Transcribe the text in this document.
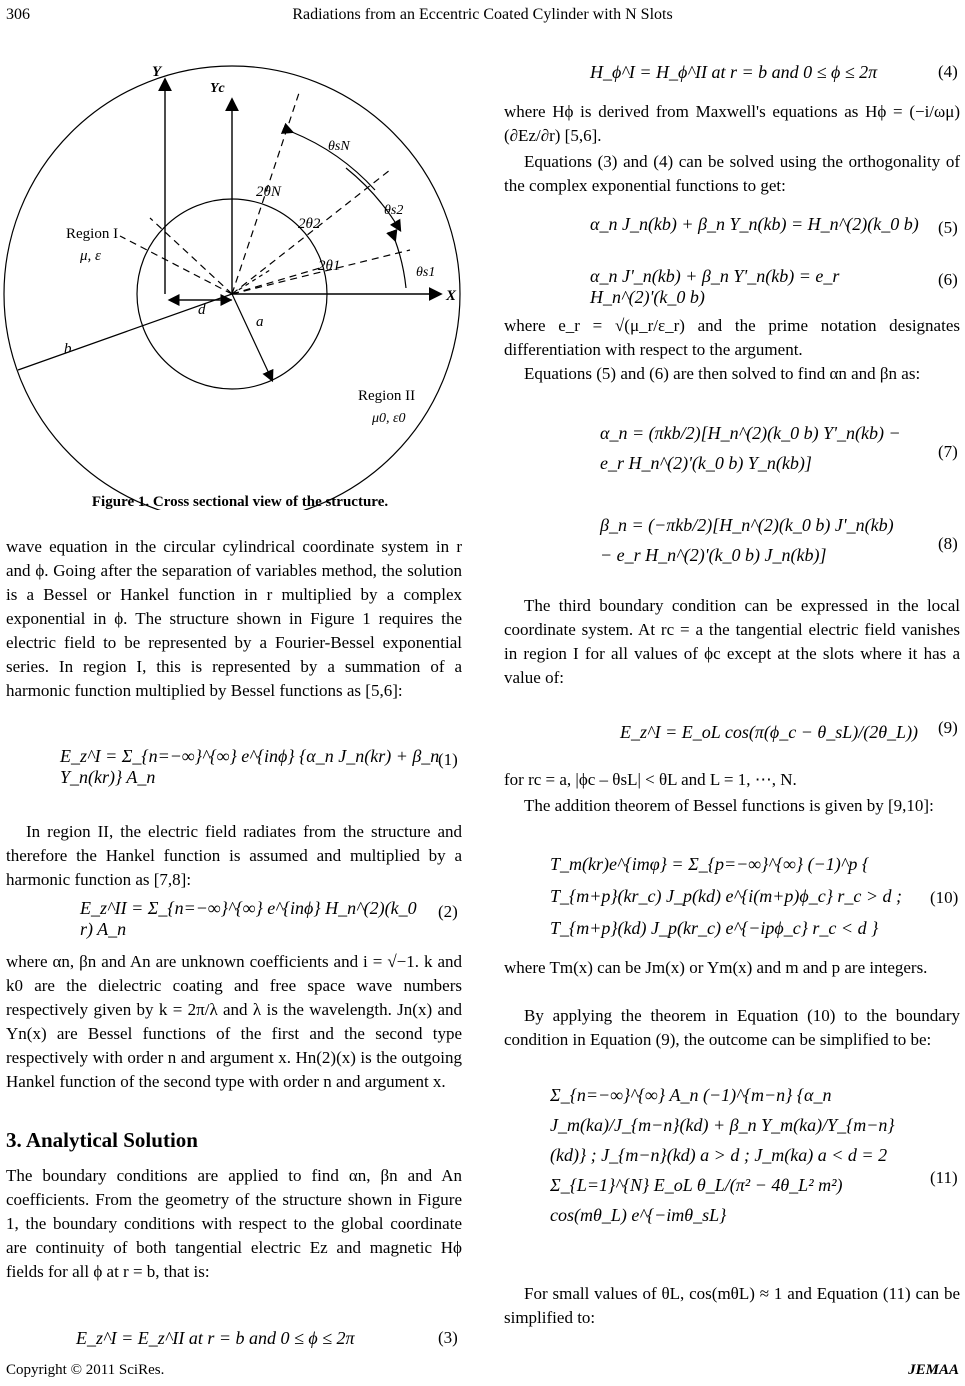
306	Radiations from an Eccentric Coated Cylinder with N Slots
Y
Yc
X
Region I
μ, ε
Region II
μ0, ε0
d
a
b
θsN
θs2
θs1
2θN
2θ2
2θ1
Figure 1. Cross sectional view of the structure.

wave equation in the circular cylindrical coordinate system in r and ϕ. Going after the separation of variables method, the solution is a Bessel or Hankel function in r multiplied by a complex exponential in ϕ. The structure shown in Figure 1 requires the electric field to be represented by a Fourier-Bessel exponential series. In region I, this is represented by a summation of a harmonic function multiplied by Bessel functions as [5,6]:

E_z^I = Σ_{n=−∞}^{∞} e^{inϕ} {α_n J_n(kr) + β_n Y_n(kr)} A_n
(1)

In region II, the electric field radiates from the structure and therefore the Hankel function is assumed and multiplied by a harmonic function as [7,8]:

E_z^II = Σ_{n=−∞}^{∞} e^{inϕ} H_n^(2)(k_0 r) A_n
(2)

where αn, βn and An are unknown coefficients and i = √−1. k and k0 are the dielectric coating and free space wave numbers respectively given by k = 2π/λ and λ is the wavelength. Jn(x) and Yn(x) are Bessel functions of the first and the second type respectively with order n and argument x. Hn(2)(x) is the outgoing Hankel function of the second type with order n and argument x.

3. Analytical Solution

The boundary conditions are applied to find αn, βn and An coefficients. From the geometry of the structure shown in Figure 1, the boundary conditions with respect to the global coordinate are continuity of both tangential electric Ez and magnetic Hϕ fields for all ϕ at r = b, that is:

E_z^I = E_z^II at r = b and 0 ≤ ϕ ≤ 2π	(3)
H_ϕ^I = H_ϕ^II at r = b and 0 ≤ ϕ ≤ 2π	(4)

where Hϕ is derived from Maxwell's equations as Hϕ = (−i/ωμ)(∂Ez/∂r) [5,6].

Equations (3) and (4) can be solved using the orthogonality of the complex exponential functions to get:

α_n J_n(kb) + β_n Y_n(kb) = H_n^(2)(k_0 b) (5)
α_n J'_n(kb) + β_n Y'_n(kb) = e_r H_n^(2)'(k_0 b)
(6)

where e_r = √(μ_r/ε_r) and the prime notation designates differentiation with respect to the argument.

Equations (5) and (6) are then solved to find αn and βn as:

α_n = (πkb/2)[H_n^(2)(k_0 b) Y'_n(kb) − e_r H_n^(2)'(k_0 b) Y_n(kb)]
(7)
β_n = (−πkb/2)[H_n^(2)(k_0 b) J'_n(kb) − e_r H_n^(2)'(k_0 b) J_n(kb)]
(8)

The third boundary condition can be expressed in the local coordinate system. At rc = a the tangential electric field vanishes in region I for all values of ϕc except at the slots where it has a value of:

E_z^I = E_oL cos(π(ϕ_c − θ_sL)/(2θ_L)) (9)

for rc = a, |ϕc – θsL| < θL and L = 1, ⋯, N.

The addition theorem of Bessel functions is given by [9,10]:

T_m(kr)e^{imφ} = Σ_{p=−∞}^{∞} (−1)^p { T_{m+p}(kr_c) J_p(kd) e^{i(m+p)ϕ_c} r_c > d ; T_{m+p}(kd) J_p(kr_c) e^{−ipϕ_c} r_c < d }
(10)

where Tm(x) can be Jm(x) or Ym(x) and m and p are integers.

By applying the theorem in Equation (10) to the boundary condition in Equation (9), the outcome can be simplified to be:

Σ_{n=−∞}^{∞} A_n (−1)^{m−n} {α_n J_m(ka)/J_{m−n}(kd) + β_n Y_m(ka)/Y_{m−n}(kd)} ; J_{m−n}(kd) a > d ; J_m(ka) a < d = 2 Σ_{L=1}^{N} E_oL θ_L/(π² − 4θ_L² m²) cos(mθ_L) e^{−imθ_sL}
(11)

For small values of θL, cos(mθL) ≈ 1 and Equation (11) can be simplified to:

Copyright © 2011 SciRes.	JEMAA
